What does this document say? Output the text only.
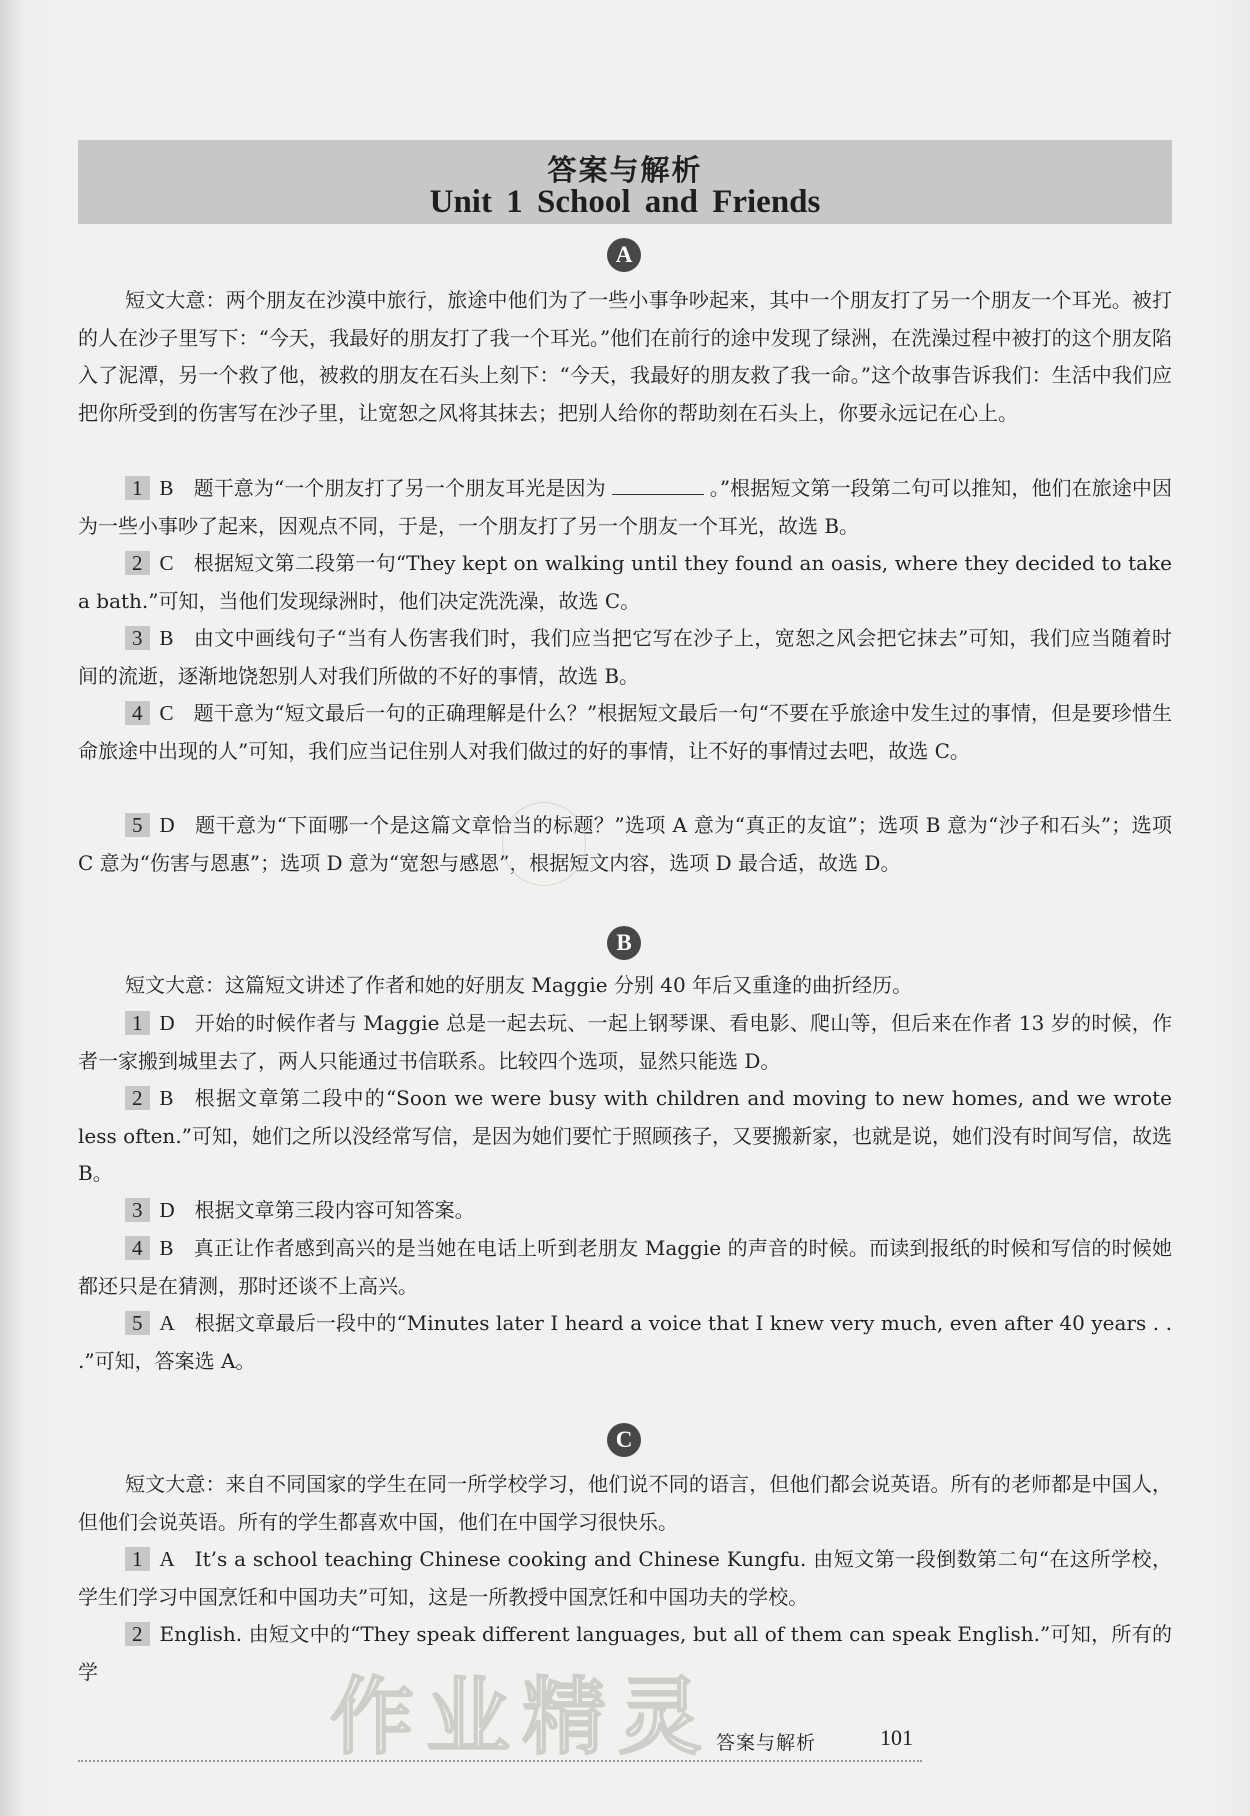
答案与解析
Unit 1 School and Friends
A

短文大意：两个朋友在沙漠中旅行，旅途中他们为了一些小事争吵起来，其中一个朋友打了另一个朋友一个耳光。被打的人在沙子里写下：“今天，我最好的朋友打了我一个耳光。”他们在前行的途中发现了绿洲，在洗澡过程中被打的这个朋友陷入了泥潭，另一个救了他，被救的朋友在石头上刻下：“今天，我最好的朋友救了我一命。”这个故事告诉我们：生活中我们应把你所受到的伤害写在沙子里，让宽恕之风将其抹去；把别人给你的帮助刻在石头上，你要永远记在心上。

1 B 题干意为“一个朋友打了另一个朋友耳光是因为	。”根据短文第一段第二句可以推知，他们在旅途中因为一些小事吵了起来，因观点不同，于是，一个朋友打了另一个朋友一个耳光，故选 B。

2 C 根据短文第二段第一句“They kept on walking until they found an oasis, where they decided to take a bath.”可知，当他们发现绿洲时，他们决定洗洗澡，故选 C。

3 B 由文中画线句子“当有人伤害我们时，我们应当把它写在沙子上，宽恕之风会把它抹去”可知，我们应当随着时间的流逝，逐渐地饶恕别人对我们所做的不好的事情，故选 B。

4 C 题干意为“短文最后一句的正确理解是什么？”根据短文最后一句“不要在乎旅途中发生过的事情，但是要珍惜生命旅途中出现的人”可知，我们应当记住别人对我们做过的好的事情，让不好的事情过去吧，故选 C。

5 D 题干意为“下面哪一个是这篇文章恰当的标题？”选项 A 意为“真正的友谊”；选项 B 意为“沙子和石头”；选项 C 意为“伤害与恩惠”；选项 D 意为“宽恕与感恩”，根据短文内容，选项 D 最合适，故选 D。

B

短文大意：这篇短文讲述了作者和她的好朋友 Maggie 分别 40 年后又重逢的曲折经历。

1 D 开始的时候作者与 Maggie 总是一起去玩、一起上钢琴课、看电影、爬山等，但后来在作者 13 岁的时候，作者一家搬到城里去了，两人只能通过书信联系。比较四个选项，显然只能选 D。

2 B 根据文章第二段中的“Soon we were busy with children and moving to new homes, and we wrote less often.”可知，她们之所以没经常写信，是因为她们要忙于照顾孩子，又要搬新家，也就是说，她们没有时间写信，故选 B。

3 D 根据文章第三段内容可知答案。

4 B 真正让作者感到高兴的是当她在电话上听到老朋友 Maggie 的声音的时候。而读到报纸的时候和写信的时候她都还只是在猜测，那时还谈不上高兴。

5 A 根据文章最后一段中的“Minutes later I heard a voice that I knew very much, even after 40 years . . .”可知，答案选 A。

C

短文大意：来自不同国家的学生在同一所学校学习，他们说不同的语言，但他们都会说英语。所有的老师都是中国人，但他们会说英语。所有的学生都喜欢中国，他们在中国学习很快乐。

1 A It’s a school teaching Chinese cooking and Chinese Kungfu. 由短文第一段倒数第二句“在这所学校，学生们学习中国烹饪和中国功夫”可知，这是一所教授中国烹饪和中国功夫的学校。

2 English. 由短文中的“They speak different languages, but all of them can speak English.”可知，所有的学	作业精灵 答案与解析	101
